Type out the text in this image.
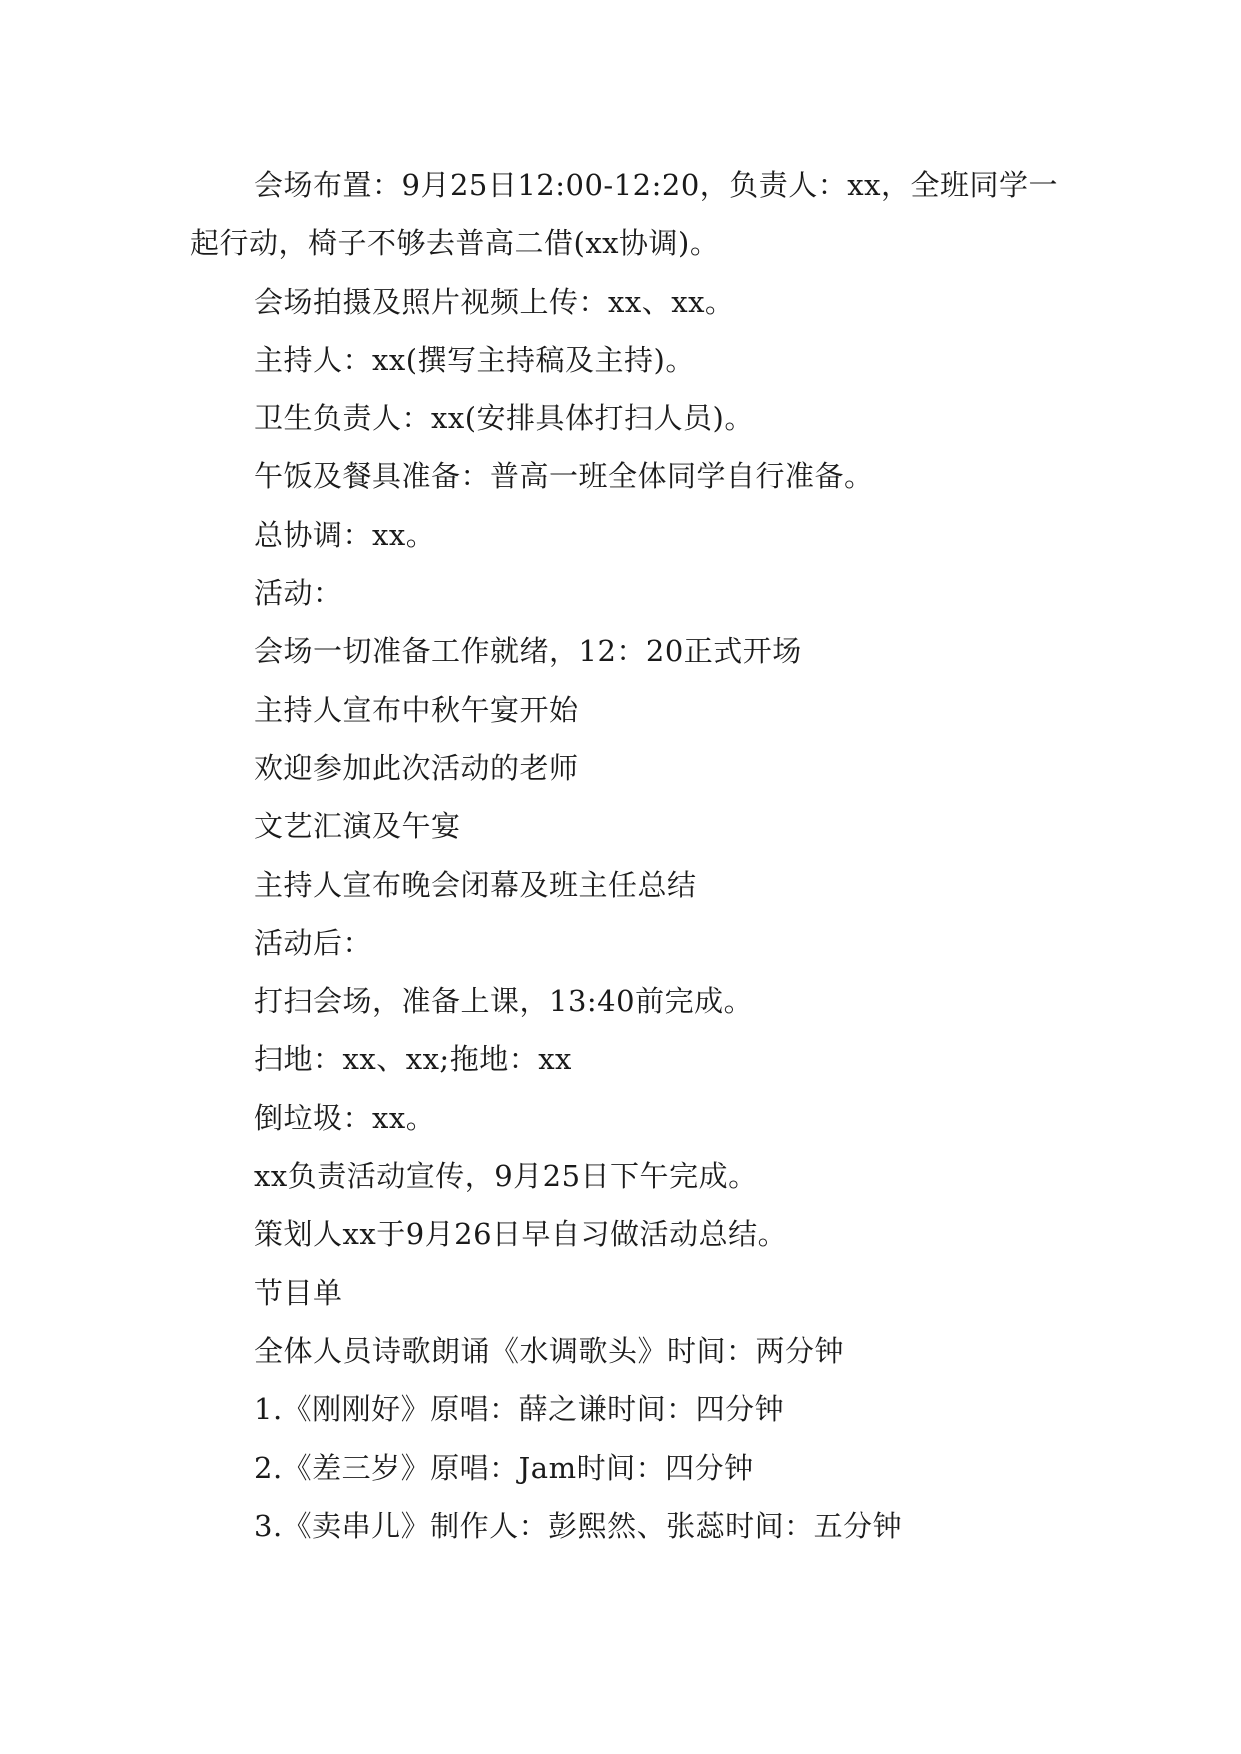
会场布置：9月25日12:00-12:20，负责人：xx，全班同学一起行动，椅子不够去普高二借(xx协调)。

会场拍摄及照片视频上传：xx、xx。

主持人：xx(撰写主持稿及主持)。

卫生负责人：xx(安排具体打扫人员)。

午饭及餐具准备：普高一班全体同学自行准备。

总协调：xx。

活动：

会场一切准备工作就绪，12：20正式开场

主持人宣布中秋午宴开始

欢迎参加此次活动的老师

文艺汇演及午宴

主持人宣布晚会闭幕及班主任总结

活动后：

打扫会场，准备上课，13:40前完成。

扫地：xx、xx;拖地：xx

倒垃圾：xx。

xx负责活动宣传，9月25日下午完成。

策划人xx于9月26日早自习做活动总结。

节目单

全体人员诗歌朗诵《水调歌头》时间：两分钟

1.《刚刚好》原唱：薛之谦时间：四分钟

2.《差三岁》原唱：Jam时间：四分钟

3.《卖串儿》制作人：彭熙然、张蕊时间：五分钟
